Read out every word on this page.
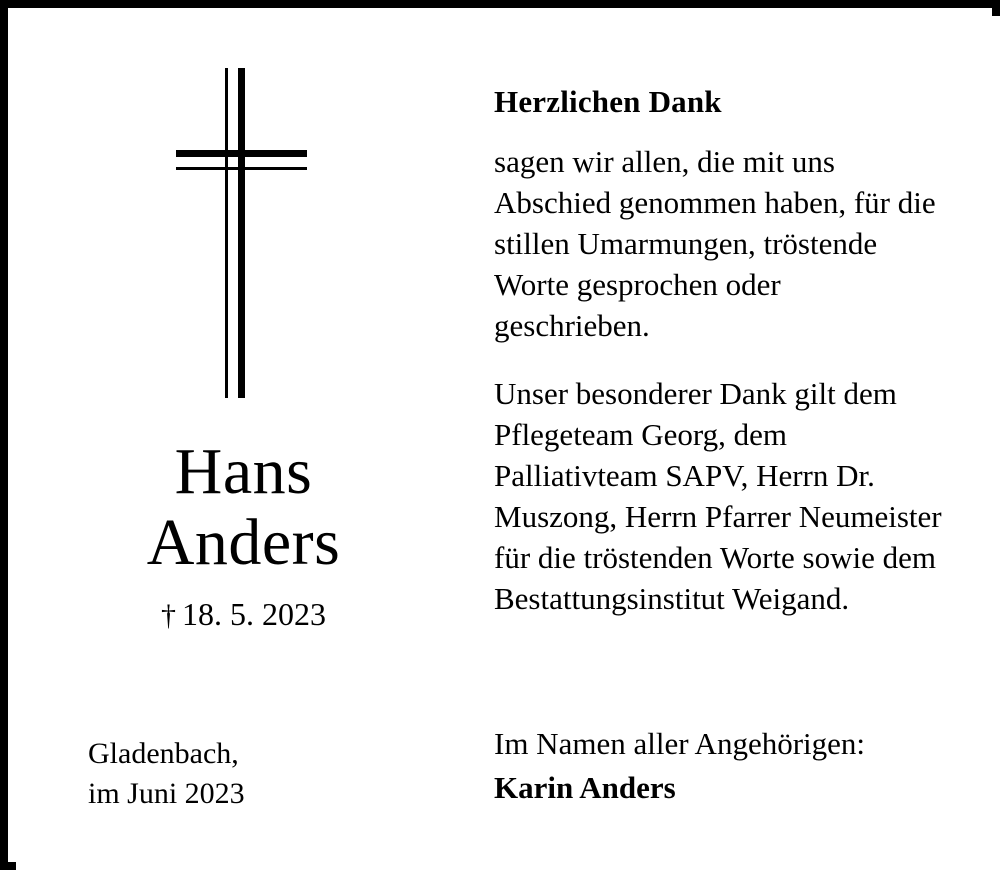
Hans
Anders
† 18. 5. 2023
Gladenbach,
im Juni 2023
Herzlichen Dank
sagen wir allen, die mit uns Abschied genommen haben, für die stillen Umarmungen, tröstende Worte gesprochen oder geschrieben.
Unser besonderer Dank gilt dem Pflegeteam Georg, dem Palliativteam SAPV, Herrn Dr. Muszong, Herrn Pfarrer Neumeister für die tröstenden Worte sowie dem Bestattungsinstitut Weigand.
Im Namen aller Angehörigen:
Karin Anders
